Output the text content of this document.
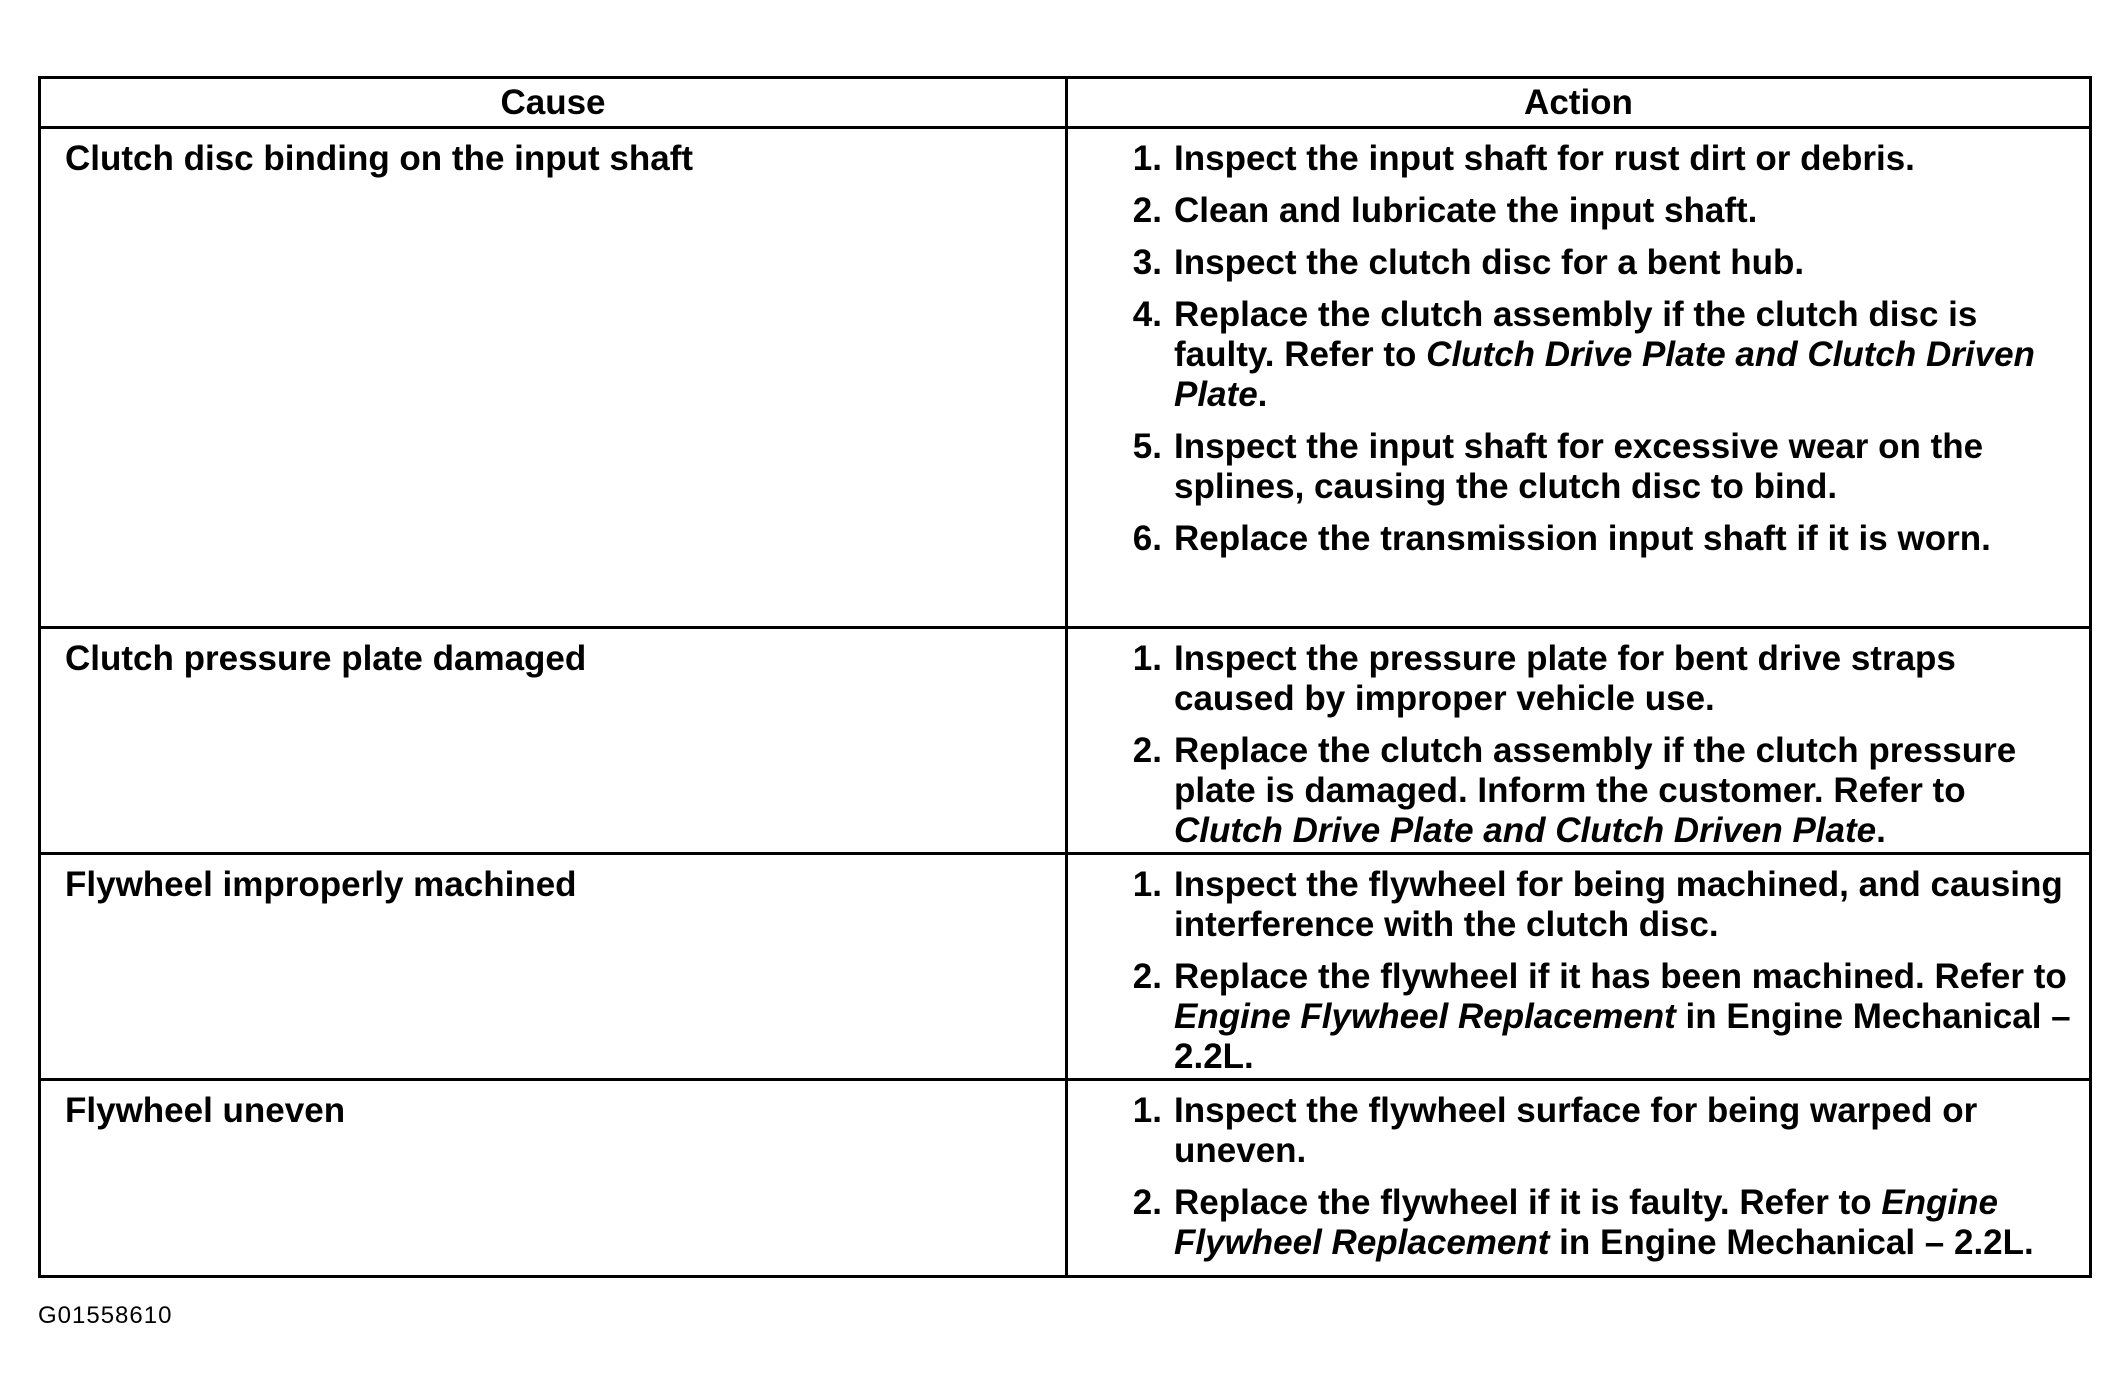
Cause	Action
Clutch disc binding on the input shaft	1. Inspect the input shaft for rust dirt or debris.
2. Clean and lubricate the input shaft.
3. Inspect the clutch disc for a bent hub.
4. Replace the clutch assembly if the clutch disc is faulty. Refer to Clutch Drive Plate and Clutch Driven Plate.
5. Inspect the input shaft for excessive wear on the splines, causing the clutch disc to bind.
6. Replace the transmission input shaft if it is worn.
Clutch pressure plate damaged	1. Inspect the pressure plate for bent drive straps caused by improper vehicle use.
2. Replace the clutch assembly if the clutch pressure plate is damaged. Inform the customer. Refer to Clutch Drive Plate and Clutch Driven Plate.
Flywheel improperly machined	1. Inspect the flywheel for being machined, and causing interference with the clutch disc.
2. Replace the flywheel if it has been machined. Refer to Engine Flywheel Replacement in Engine Mechanical – 2.2L.
Flywheel uneven	1. Inspect the flywheel surface for being warped or uneven.
2. Replace the flywheel if it is faulty. Refer to Engine Flywheel Replacement in Engine Mechanical – 2.2L.
G01558610
